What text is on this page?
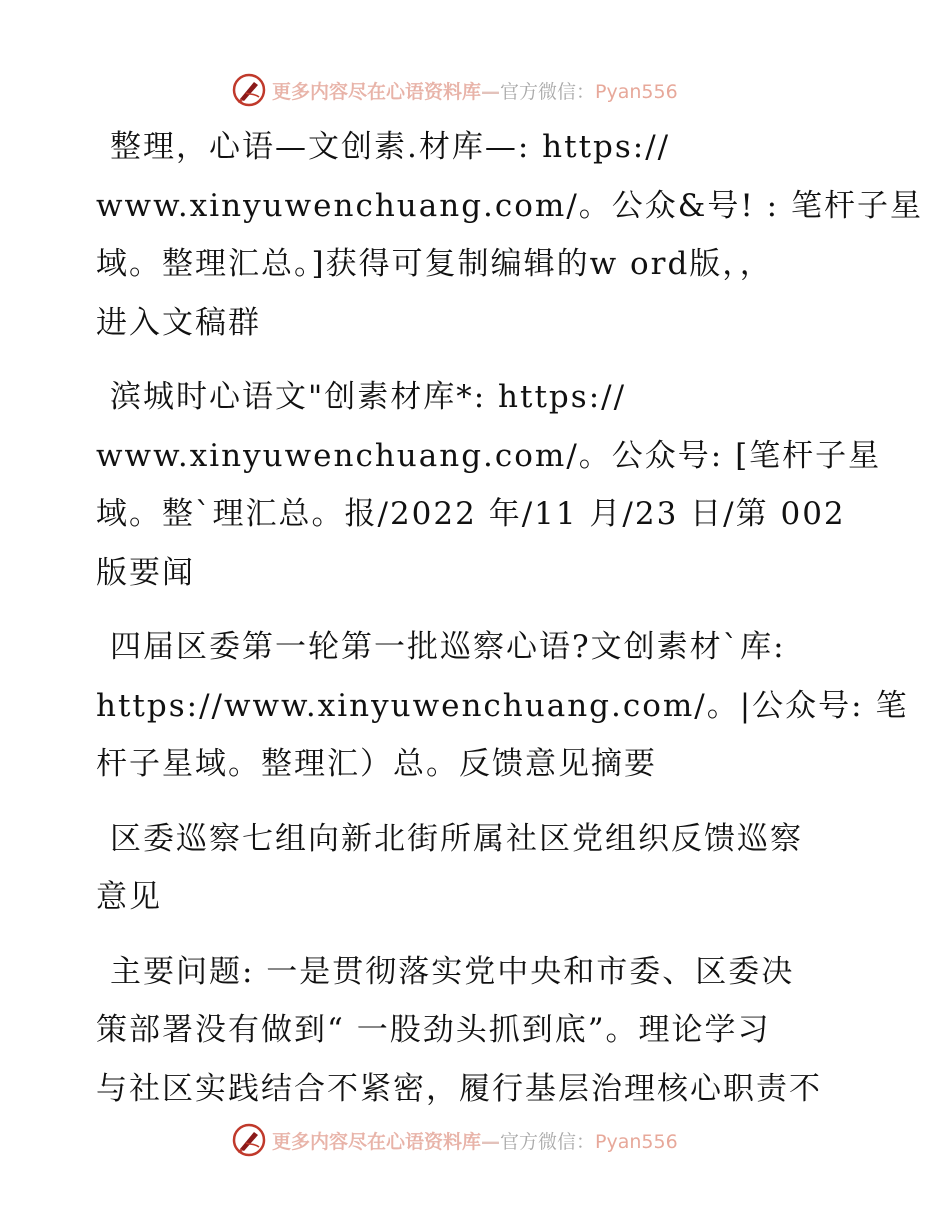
更多内容尽在心语资料库—官方微信：Pyan556
整理，心语—文创素.材库—: https://
www.xinyuwenchuang.com/。公众&号! : 笔杆子星
域。整理汇总。]获得可复制编辑的w ord版，，
进入文稿群
滨城时心语文"创素材库*: https://
www.xinyuwenchuang.com/。公众号: [笔杆子星
域。整`理汇总。报/2022 年/11 月/23 日/第 002
版要闻
四届区委第一轮第一批巡察心语?文创素材`库:
https://www.xinyuwenchuang.com/。|公众号: 笔
杆子星域。整理汇）总。反馈意见摘要
区委巡察七组向新北街所属社区党组织反馈巡察
意见
主要问题: 一是贯彻落实党中央和市委、区委决
策部署没有做到“ 一股劲头抓到底”。理论学习
与社区实践结合不紧密，履行基层治理核心职责不
更多内容尽在心语资料库—官方微信：Pyan556
